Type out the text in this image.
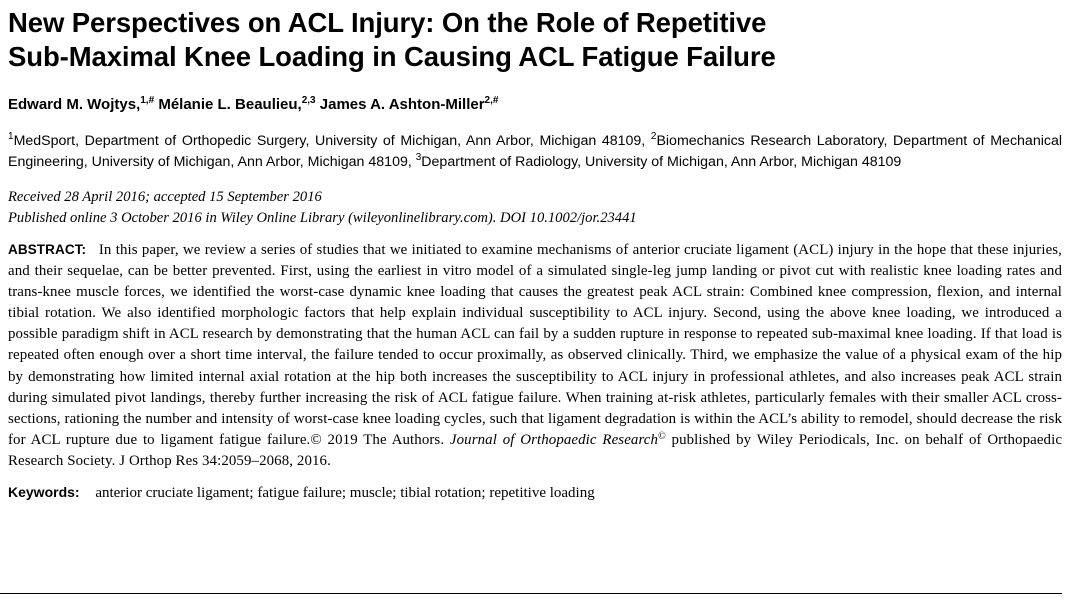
New Perspectives on ACL Injury: On the Role of Repetitive
Sub-Maximal Knee Loading in Causing ACL Fatigue Failure
Edward M. Wojtys,$^{1,\#}$ Mélanie L. Beaulieu,$^{2,3}$ James A. Ashton-Miller$^{2,\#}$
$^1$MedSport, Department of Orthopedic Surgery, University of Michigan, Ann Arbor, Michigan 48109, $^2$Biomechanics Research Laboratory, Department of Mechanical Engineering, University of Michigan, Ann Arbor, Michigan 48109, $^3$Department of Radiology, University of Michigan, Ann Arbor, Michigan 48109
Received 28 April 2016; accepted 15 September 2016
Published online 3 October 2016 in Wiley Online Library (wileyonlinelibrary.com). DOI 10.1002/jor.23441
ABSTRACT: In this paper, we review a series of studies that we initiated to examine mechanisms of anterior cruciate ligament (ACL) injury in the hope that these injuries, and their sequelae, can be better prevented. First, using the earliest in vitro model of a simulated single-leg jump landing or pivot cut with realistic knee loading rates and trans-knee muscle forces, we identified the worst-case dynamic knee loading that causes the greatest peak ACL strain: Combined knee compression, flexion, and internal tibial rotation. We also identified morphologic factors that help explain individual susceptibility to ACL injury. Second, using the above knee loading, we introduced a possible paradigm shift in ACL research by demonstrating that the human ACL can fail by a sudden rupture in response to repeated sub-maximal knee loading. If that load is repeated often enough over a short time interval, the failure tended to occur proximally, as observed clinically. Third, we emphasize the value of a physical exam of the hip by demonstrating how limited internal axial rotation at the hip both increases the susceptibility to ACL injury in professional athletes, and also increases peak ACL strain during simulated pivot landings, thereby further increasing the risk of ACL fatigue failure. When training at-risk athletes, particularly females with their smaller ACL cross-sections, rationing the number and intensity of worst-case knee loading cycles, such that ligament degradation is within the ACL’s ability to remodel, should decrease the risk for ACL rupture due to ligament fatigue failure.© 2019 The Authors. Journal of Orthopaedic Research© published by Wiley Periodicals, Inc. on behalf of Orthopaedic Research Society. J Orthop Res 34:2059–2068, 2016.
Keywords: anterior cruciate ligament; fatigue failure; muscle; tibial rotation; repetitive loading
